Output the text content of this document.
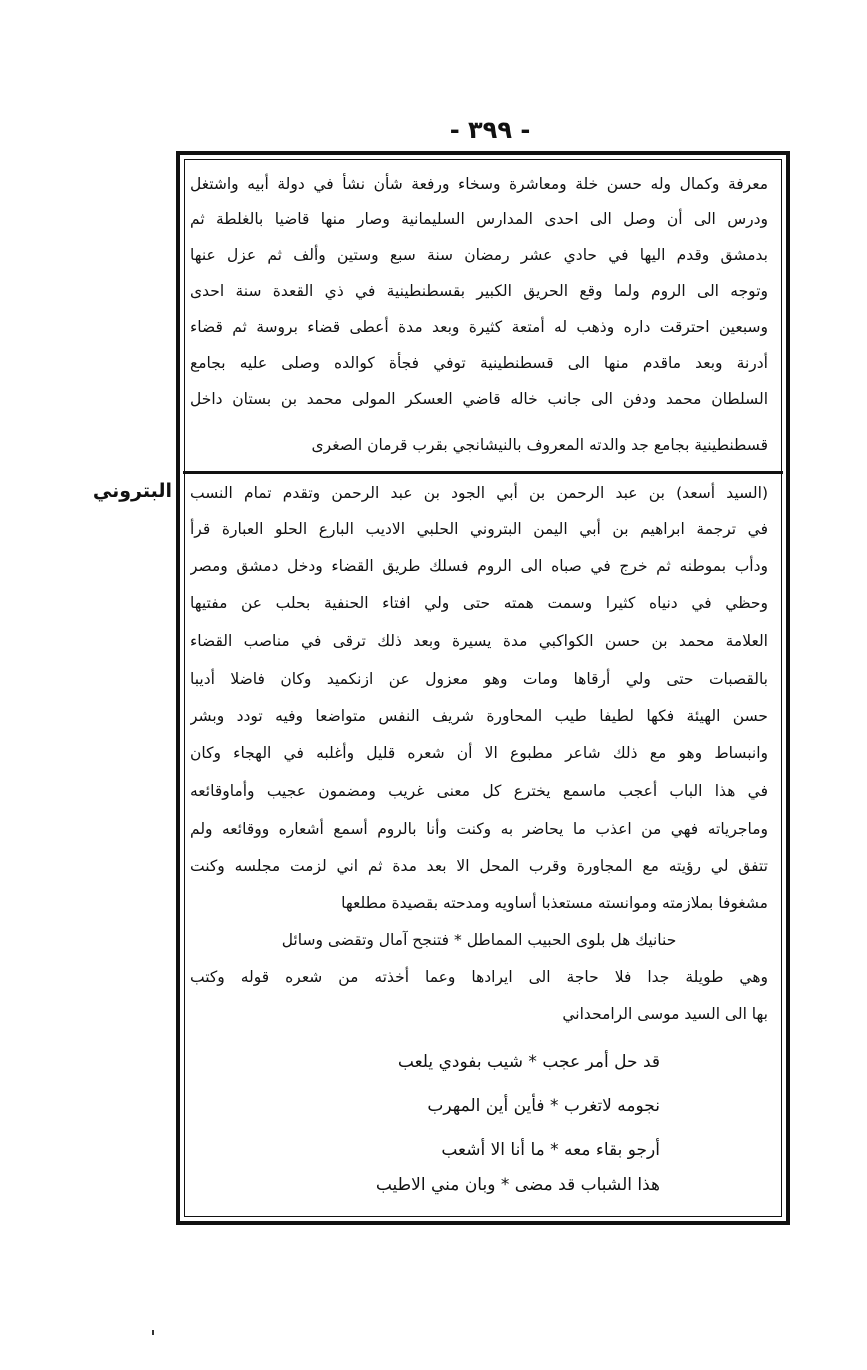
- ٣٩٩ -
معرفة وكمال وله حسن خلة ومعاشرة وسخاء ورفعة شأن نشأ في دولة أبيه واشتغل
ودرس الى أن وصل الى احدى المدارس السليمانية وصار منها قاضيا بالغلطة ثم
بدمشق وقدم اليها في حادي عشر رمضان سنة سبع وستين وألف ثم عزل عنها
وتوجه الى الروم ولما وقع الحريق الكبير بقسطنطينية في ذي القعدة سنة احدى
وسبعين احترقت داره وذهب له أمتعة كثيرة وبعد مدة أعطى قضاء بروسة ثم قضاء
أدرنة وبعد ماقدم منها الى قسطنطينية توفي فجأة كوالده وصلى عليه بجامع
السلطان محمد ودفن الى جانب خاله قاضي العسكر المولى محمد بن بستان داخل
قسطنطينية بجامع جد والدته المعروف بالنيشانجي بقرب قرمان الصغرى
البتروني (السيد أسعد) بن عبد الرحمن بن أبي الجود بن عبد الرحمن وتقدم تمام النسب
في ترجمة ابراهيم بن أبي اليمن البتروني الحلبي الاديب البارع الحلو العبارة قرأ
ودأب بموطنه ثم خرج في صباه الى الروم فسلك طريق القضاء ودخل دمشق ومصر
وحظي في دنياه كثيرا وسمت همته حتى ولي افتاء الحنفية بحلب عن مفتيها
العلامة محمد بن حسن الكواكبي مدة يسيرة وبعد ذلك ترقى في مناصب القضاء
بالقصبات حتى ولي أرقاها ومات وهو معزول عن ازنكميد وكان فاضلا أديبا
حسن الهيئة فكها لطيفا طيب المحاورة شريف النفس متواضعا وفيه تودد وبشر
وانبساط وهو مع ذلك شاعر مطبوع الا أن شعره قليل وأغلبه في الهجاء وكان
في هذا الباب أعجب ماسمع يخترع كل معنى غريب ومضمون عجيب وأماوقائعه
وماجرياته فهي من اعذب ما يحاضر به وكنت وأنا بالروم أسمع أشعاره ووقائعه ولم
تتفق لي رؤيته مع المجاورة وقرب المحل الا بعد مدة ثم اني لزمت مجلسه وكنت
مشغوفا بملازمته وموانسته مستعذبا أساويه ومدحته بقصيدة مطلعها
حنانيك هل بلوى الحبيب المماطل * فتنجح آمال وتقضى وسائل
وهي طويلة جدا فلا حاجة الى ايرادها وعما أخذته من شعره قوله وكتب
بها الى السيد موسى الرامحداني
قد حل أمر عجب * شيب بفودي يلعب
نجومه لاتغرب * فأين أين المهرب
أرجو بقاء معه * ما أنا الا أشعب
هذا الشباب قد مضى * وبان مني الاطيب
